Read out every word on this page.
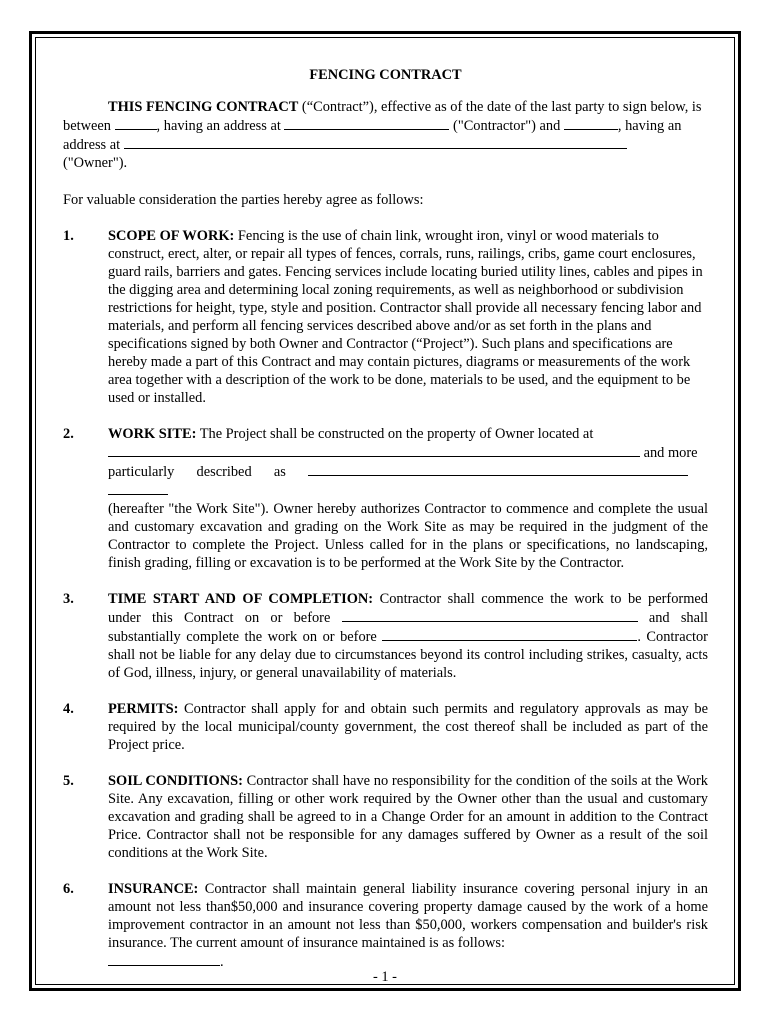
FENCING CONTRACT

THIS FENCING CONTRACT (“Contract”), effective as of the date of the last party to sign below, is between	, having an address at	("Contractor") and	, having an address at
("Owner").

For valuable consideration the parties hereby agree as follows:

1.	SCOPE OF WORK: Fencing is the use of chain link, wrought iron, vinyl or wood materials to construct, erect, alter, or repair all types of fences, corrals, runs, railings, cribs, game court enclosures, guard rails, barriers and gates. Fencing services include locating buried utility lines, cables and pipes in the digging area and determining local zoning requirements, as well as neighborhood or subdivision restrictions for height, type, style and position. Contractor shall provide all necessary fencing labor and materials, and perform all fencing services described above and/or as set forth in the plans and specifications signed by both Owner and Contractor (“Project”). Such plans and specifications are hereby made a part of this Contract and may contain pictures, diagrams or measurements of the work area together with a description of the work to be done, materials to be used, and the equipment to be used or installed.
2.	WORK SITE: The Project shall be constructed on the property of Owner located at
and more
particularly described as
(hereafter "the Work Site"). Owner hereby authorizes Contractor to commence and complete the usual and customary excavation and grading on the Work Site as may be required in the judgment of the Contractor to complete the Project. Unless called for in the plans or specifications, no landscaping, finish grading, filling or excavation is to be performed at the Work Site by the Contractor.
3.	TIME START AND OF COMPLETION: Contractor shall commence the work to be performed under this Contract on or before	and shall substantially complete the work on or before	. Contractor shall not be liable for any delay due to circumstances beyond its control including strikes, casualty, acts of God, illness, injury, or general unavailability of materials.
4.	PERMITS: Contractor shall apply for and obtain such permits and regulatory approvals as may be required by the local municipal/county government, the cost thereof shall be included as part of the Project price.
5.	SOIL CONDITIONS: Contractor shall have no responsibility for the condition of the soils at the Work Site. Any excavation, filling or other work required by the Owner other than the usual and customary excavation and grading shall be agreed to in a Change Order for an amount in addition to the Contract Price. Contractor shall not be responsible for any damages suffered by Owner as a result of the soil conditions at the Work Site.
6.	INSURANCE: Contractor shall maintain general liability insurance covering personal injury in an amount not less than$50,000 and insurance covering property damage caused by the work of a home improvement contractor in an amount not less than $50,000, workers compensation and builder's risk insurance. The current amount of insurance maintained is as follows:
.
- 1 -
